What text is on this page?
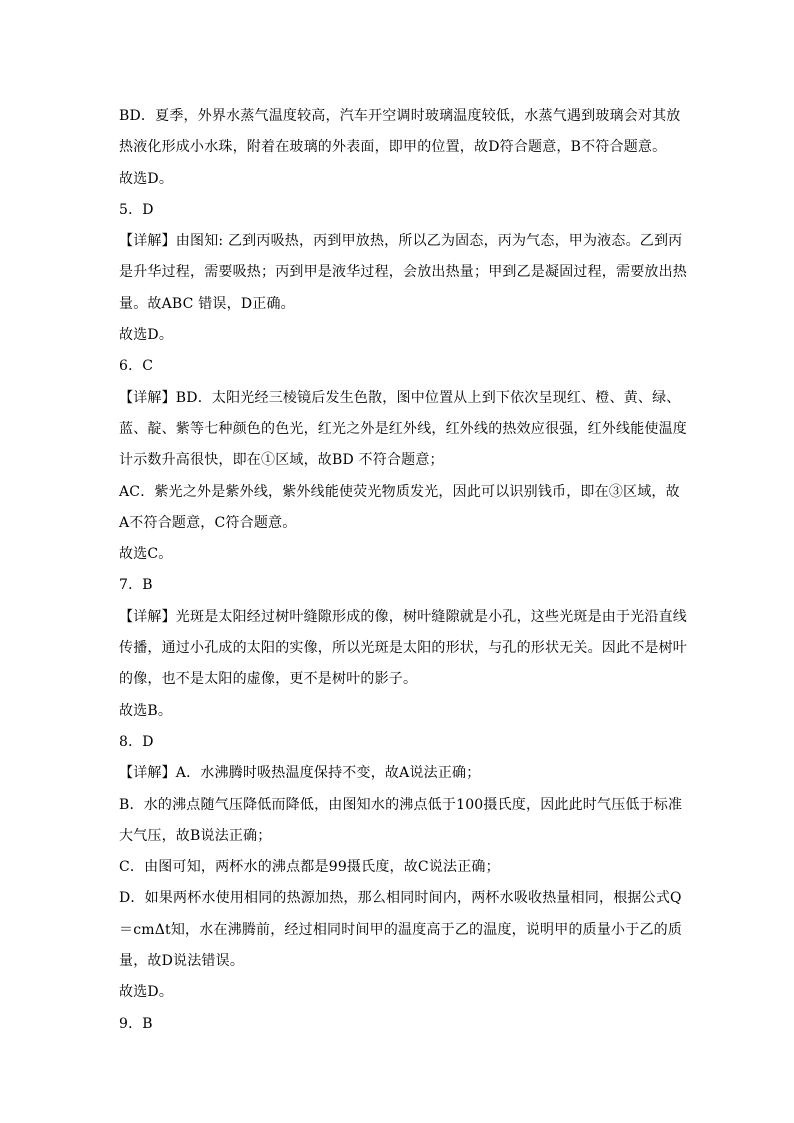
BD．夏季，外界水蒸气温度较高，汽车开空调时玻璃温度较低，水蒸气遇到玻璃会对其放
热液化形成小水珠，附着在玻璃的外表面，即甲的位置，故D符合题意，B不符合题意。
故选D。
5．D
【详解】由图知: 乙到丙吸热，丙到甲放热，所以乙为固态，丙为气态，甲为液态。乙到丙
是升华过程，需要吸热；丙到甲是液华过程，会放出热量；甲到乙是凝固过程，需要放出热
量。故ABC 错误，D正确。
故选D。
6．C
【详解】BD．太阳光经三棱镜后发生色散，图中位置从上到下依次呈现红、橙、黄、绿、
蓝、靛、紫等七种颜色的色光，红光之外是红外线，红外线的热效应很强，红外线能使温度
计示数升高很快，即在①区域，故BD 不符合题意；
AC．紫光之外是紫外线，紫外线能使荧光物质发光，因此可以识别钱币，即在③区域，故
A不符合题意，C符合题意。
故选C。
7．B
【详解】光斑是太阳经过树叶缝隙形成的像，树叶缝隙就是小孔，这些光斑是由于光沿直线
传播，通过小孔成的太阳的实像，所以光斑是太阳的形状，与孔的形状无关。因此不是树叶
的像，也不是太阳的虚像，更不是树叶的影子。
故选B。
8．D
【详解】A．水沸腾时吸热温度保持不变，故A说法正确；
B．水的沸点随气压降低而降低，由图知水的沸点低于100摄氏度，因此此时气压低于标准
大气压，故B说法正确；
C．由图可知，两杯水的沸点都是99摄氏度，故C说法正确；
D．如果两杯水使用相同的热源加热，那么相同时间内，两杯水吸收热量相同，根据公式Q
＝cmΔt知，水在沸腾前，经过相同时间甲的温度高于乙的温度，说明甲的质量小于乙的质
量，故D说法错误。
故选D。
9．B
